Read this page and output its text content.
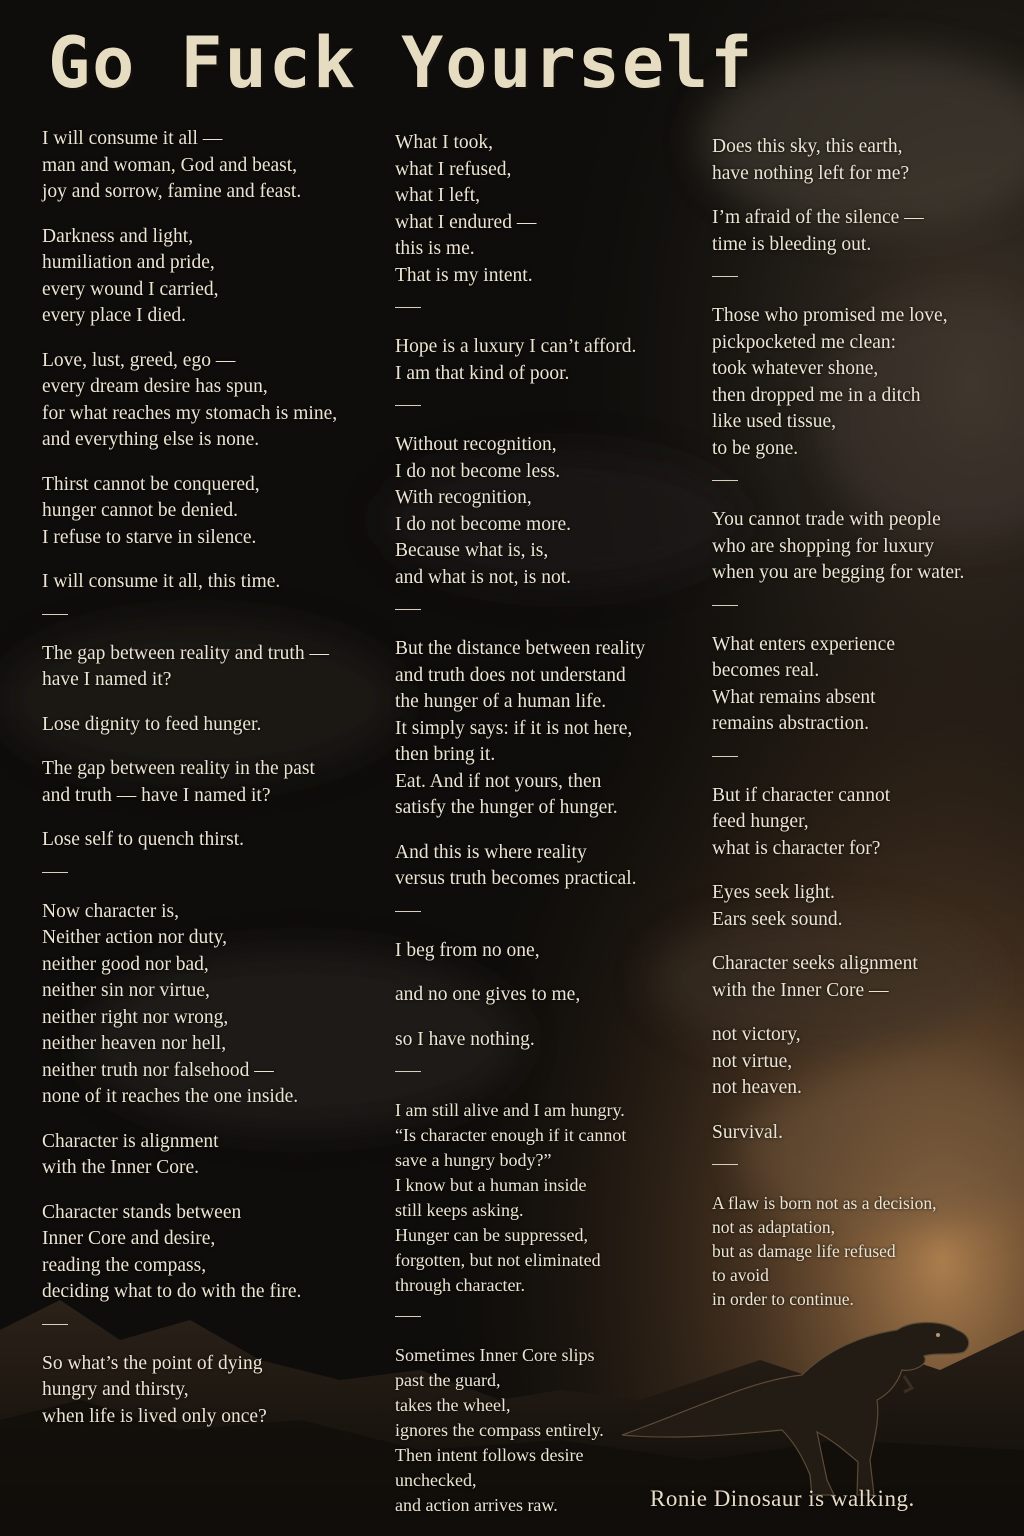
Go Fuck Yourself
I will consume it all —
man and woman, God and beast,
joy and sorrow, famine and feast.
Darkness and light,
humiliation and pride,
every wound I carried,
every place I died.
Love, lust, greed, ego —
every dream desire has spun,
for what reaches my stomach is mine,
and everything else is none.
Thirst cannot be conquered,
hunger cannot be denied.
I refuse to starve in silence.
I will consume it all, this time.
The gap between reality and truth —
have I named it?
Lose dignity to feed hunger.
The gap between reality in the past
and truth — have I named it?
Lose self to quench thirst.
Now character is,
Neither action nor duty,
neither good nor bad,
neither sin nor virtue,
neither right nor wrong,
neither heaven nor hell,
neither truth nor falsehood —
none of it reaches the one inside.
Character is alignment
with the Inner Core.
Character stands between
Inner Core and desire,
reading the compass,
deciding what to do with the fire.
So what’s the point of dying
hungry and thirsty,
when life is lived only once?
What I took,
what I refused,
what I left,
what I endured —
this is me.
That is my intent.
Hope is a luxury I can’t afford.
I am that kind of poor.
Without recognition,
I do not become less.
With recognition,
I do not become more.
Because what is, is,
and what is not, is not.
But the distance between reality
and truth does not understand
the hunger of a human life.
It simply says: if it is not here,
then bring it.
Eat. And if not yours, then
satisfy the hunger of hunger.
And this is where reality
versus truth becomes practical.
I beg from no one,
and no one gives to me,
so I have nothing.
I am still alive and I am hungry.
“Is character enough if it cannot
save a hungry body?”
I know but a human inside
still keeps asking.
Hunger can be suppressed,
forgotten, but not eliminated
through character.
Sometimes Inner Core slips
past the guard,
takes the wheel,
ignores the compass entirely.
Then intent follows desire
unchecked,
and action arrives raw.
Does this sky, this earth,
have nothing left for me?
I’m afraid of the silence —
time is bleeding out.
Those who promised me love,
pickpocketed me clean:
took whatever shone,
then dropped me in a ditch
like used tissue,
to be gone.
You cannot trade with people
who are shopping for luxury
when you are begging for water.
What enters experience
becomes real.
What remains absent
remains abstraction.
But if character cannot
feed hunger,
what is character for?
Eyes seek light.
Ears seek sound.
Character seeks alignment
with the Inner Core —
not victory,
not virtue,
not heaven.
Survival.
A flaw is born not as a decision,
not as adaptation,
but as damage life refused
to avoid
in order to continue.
Ronie Dinosaur is walking.
